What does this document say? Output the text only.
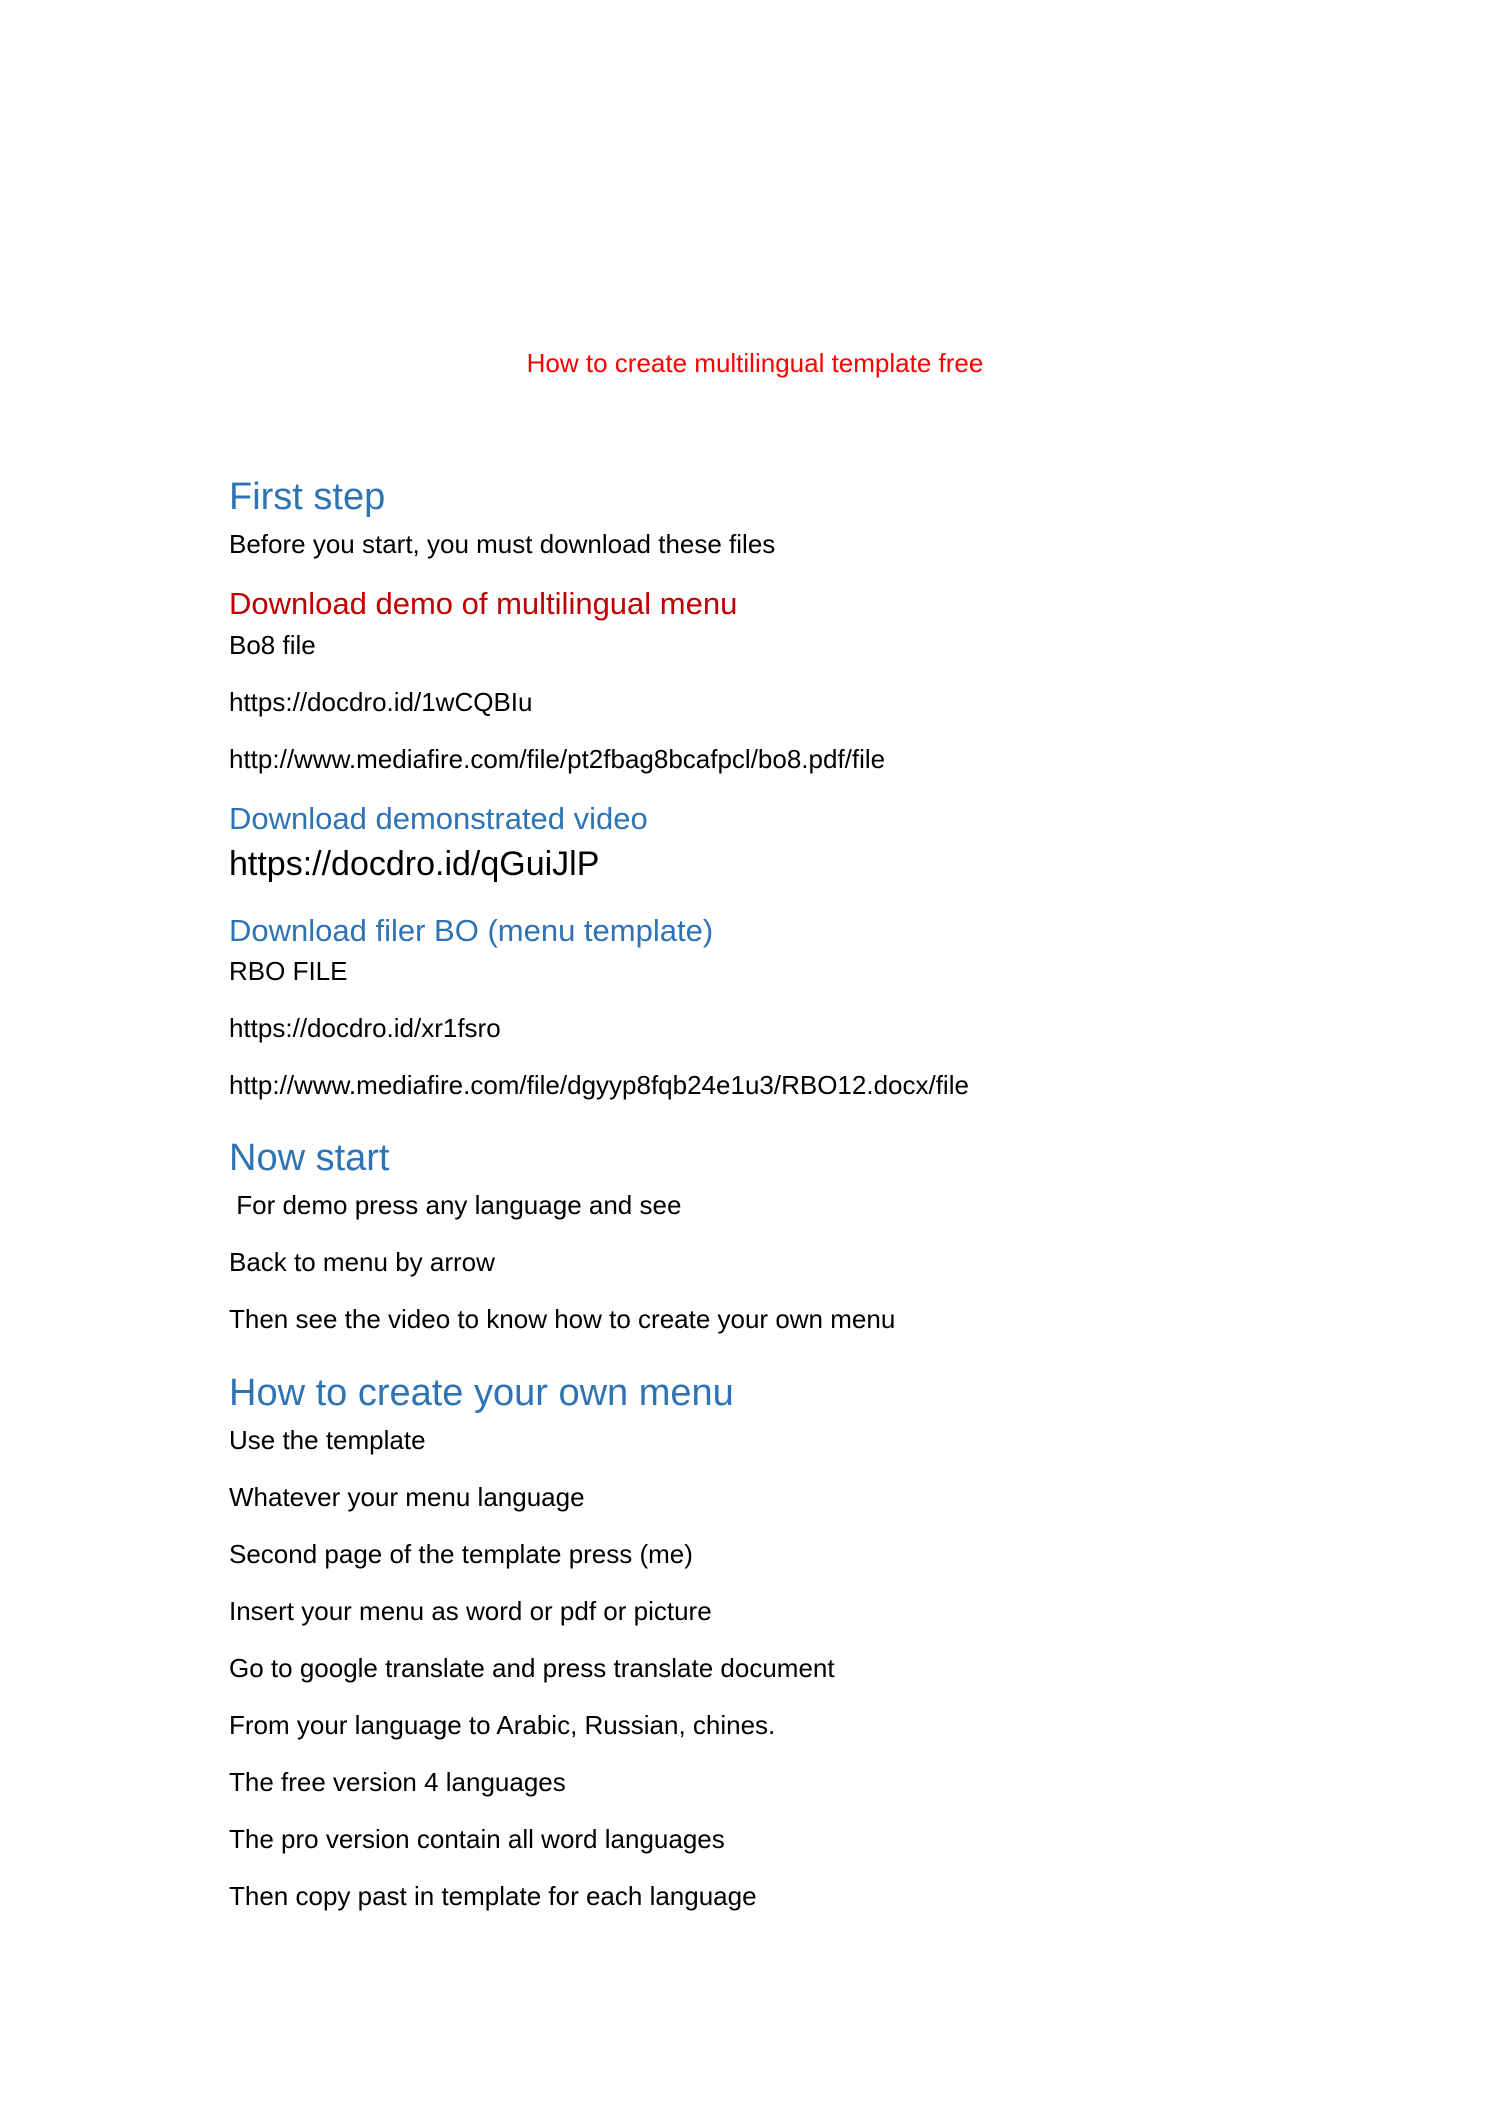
How to create multilingual template free

First step

Before you start, you must download these files

Download demo of multilingual menu

Bo8 file

https://docdro.id/1wCQBIu

http://www.mediafire.com/file/pt2fbag8bcafpcl/bo8.pdf/file

Download demonstrated video

https://docdro.id/qGuiJlP

Download filer BO (menu template)

RBO FILE

https://docdro.id/xr1fsro

http://www.mediafire.com/file/dgyyp8fqb24e1u3/RBO12.docx/file

Now start

For demo press any language and see

Back to menu by arrow

Then see the video to know how to create your own menu

How to create your own menu

Use the template

Whatever your menu language

Second page of the template press (me)

Insert your menu as word or pdf or picture

Go to google translate and press translate document

From your language to Arabic, Russian, chines.

The free version 4 languages

The pro version contain all word languages

Then copy past in template for each language
